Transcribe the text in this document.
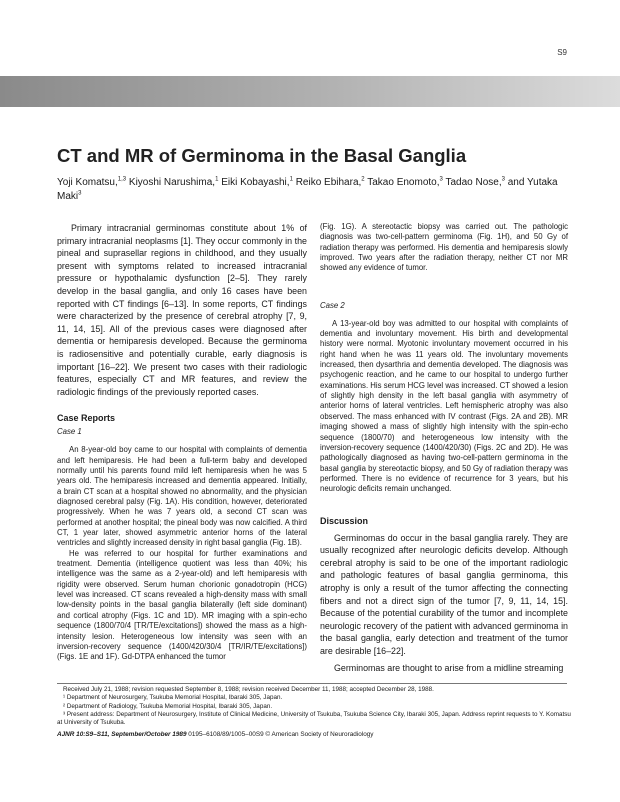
S9
CT and MR of Germinoma in the Basal Ganglia
Yoji Komatsu,$^{1,3}$ Kiyoshi Narushima,$^1$ Eiki Kobayashi,$^1$ Reiko Ebihara,$^2$ Takao Enomoto,$^3$ Tadao Nose,$^3$ and Yutaka Maki$^3$

Primary intracranial germinomas constitute about 1% of primary intracranial neoplasms [1]. They occur commonly in the pineal and suprasellar regions in childhood, and they usually present with symptoms related to increased intracranial pressure or hypothalamic dysfunction [2–5]. They rarely develop in the basal ganglia, and only 16 cases have been reported with CT findings [6–13]. In some reports, CT findings were characterized by the presence of cerebral atrophy [7, 9, 11, 14, 15]. All of the previous cases were diagnosed after dementia or hemiparesis developed. Because the germinoma is radiosensitive and potentially curable, early diagnosis is important [16–22]. We present two cases with their radiologic features, especially CT and MR features, and review the radiologic findings of the previously reported cases.

Case Reports
Case 1

An 8-year-old boy came to our hospital with complaints of dementia and left hemiparesis. He had been a full-term baby and developed normally until his parents found mild left hemiparesis when he was 5 years old. The hemiparesis increased and dementia appeared. Initially, a brain CT scan at a hospital showed no abnormality, and the physician diagnosed cerebral palsy (Fig. 1A). His condition, however, deteriorated progressively. When he was 7 years old, a second CT scan was performed at another hospital; the pineal body was now calcified. A third CT, 1 year later, showed asymmetric anterior horns of the lateral ventricles and slightly increased density in right basal ganglia (Fig. 1B).

He was referred to our hospital for further examinations and treatment. Dementia (intelligence quotient was less than 40%; his intelligence was the same as a 2-year-old) and left hemiparesis with rigidity were observed. Serum human chorionic gonadotropin (HCG) level was increased. CT scans revealed a high-density mass with small low-density points in the basal ganglia bilaterally (left side dominant) and cortical atrophy (Figs. 1C and 1D). MR imaging with a spin-echo sequence (1800/70/4 [TR/TE/excitations]) showed the mass as a high-intensity lesion. Heterogeneous low intensity was seen with an inversion-recovery sequence (1400/420/30/4 [TR/IR/TE/excitations]) (Figs. 1E and 1F). Gd-DTPA enhanced the tumor

(Fig. 1G). A stereotactic biopsy was carried out. The pathologic diagnosis was two-cell-pattern germinoma (Fig. 1H), and 50 Gy of radiation therapy was performed. His dementia and hemiparesis slowly improved. Two years after the radiation therapy, neither CT nor MR showed any evidence of tumor.

Case 2

A 13-year-old boy was admitted to our hospital with complaints of dementia and involuntary movement. His birth and developmental history were normal. Myotonic involuntary movement occurred in his right hand when he was 11 years old. The involuntary movements increased, then dysarthria and dementia developed. The diagnosis was psychogenic reaction, and he came to our hospital to undergo further examinations. His serum HCG level was increased. CT showed a lesion of slightly high density in the left basal ganglia with asymmetry of anterior horns of lateral ventricles. Left hemispheric atrophy was also observed. The mass enhanced with IV contrast (Figs. 2A and 2B). MR imaging showed a mass of slightly high intensity with the spin-echo sequence (1800/70) and heterogeneous low intensity with the inversion-recovery sequence (1400/420/30) (Figs. 2C and 2D). He was pathologically diagnosed as having two-cell-pattern germinoma in the basal ganglia by stereotactic biopsy, and 50 Gy of radiation therapy was performed. There is no evidence of recurrence for 3 years, but his neurologic deficits remain unchanged.

Discussion

Germinomas do occur in the basal ganglia rarely. They are usually recognized after neurologic deficits develop. Although cerebral atrophy is said to be one of the important radiologic and pathologic features of basal ganglia germinoma, this atrophy is only a result of the tumor affecting the connecting fibers and not a direct sign of the tumor [7, 9, 11, 14, 15]. Because of the potential curability of the tumor and incomplete neurologic recovery of the patient with advanced germinoma in the basal ganglia, early detection and treatment of the tumor are desirable [16–22].

Germinomas are thought to arise from a midline streaming

Received July 21, 1988; revision requested September 8, 1988; revision received December 11, 1988; accepted December 28, 1988.

¹ Department of Neurosurgery, Tsukuba Memorial Hospital, Ibaraki 305, Japan.

² Department of Radiology, Tsukuba Memorial Hospital, Ibaraki 305, Japan.

³ Present address: Department of Neurosurgery, Institute of Clinical Medicine, University of Tsukuba, Tsukuba Science City, Ibaraki 305, Japan. Address reprint requests to Y. Komatsu at University of Tsukuba.

AJNR 10:S9–S11, September/October 1989 0195–6108/89/1005–00S9 © American Society of Neuroradiology
